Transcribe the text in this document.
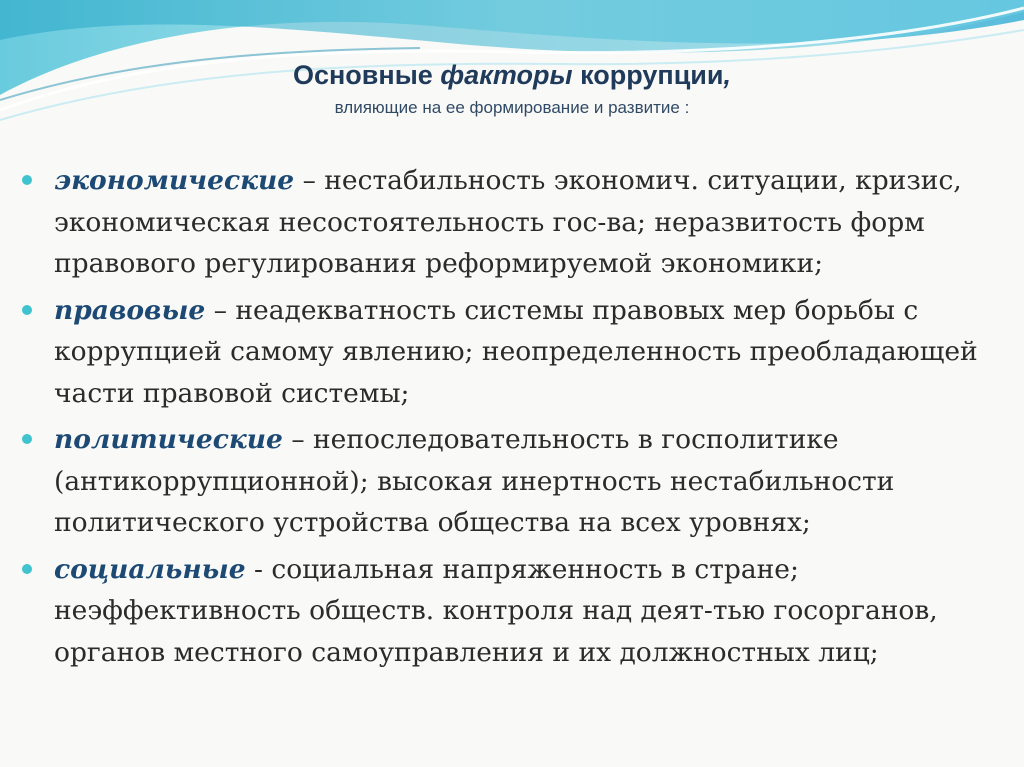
Основные факторы коррупции,
влияющие на ее формирование и развитие :
экономические – нестабильность экономич. ситуации, кризис, экономическая несостоятельность гос-ва; неразвитость форм правового регулирования реформируемой экономики;
правовые – неадекватность системы правовых мер борьбы с коррупцией самому явлению; неопределенность преобладающей части правовой системы;
политические – непоследовательность в госполитике (антикоррупционной); высокая инертность нестабильности политического устройства общества на всех уровнях;
социальные - социальная напряженность в стране; неэффективность обществ. контроля над деят-тью госорганов, органов местного самоуправления и их должностных лиц;
